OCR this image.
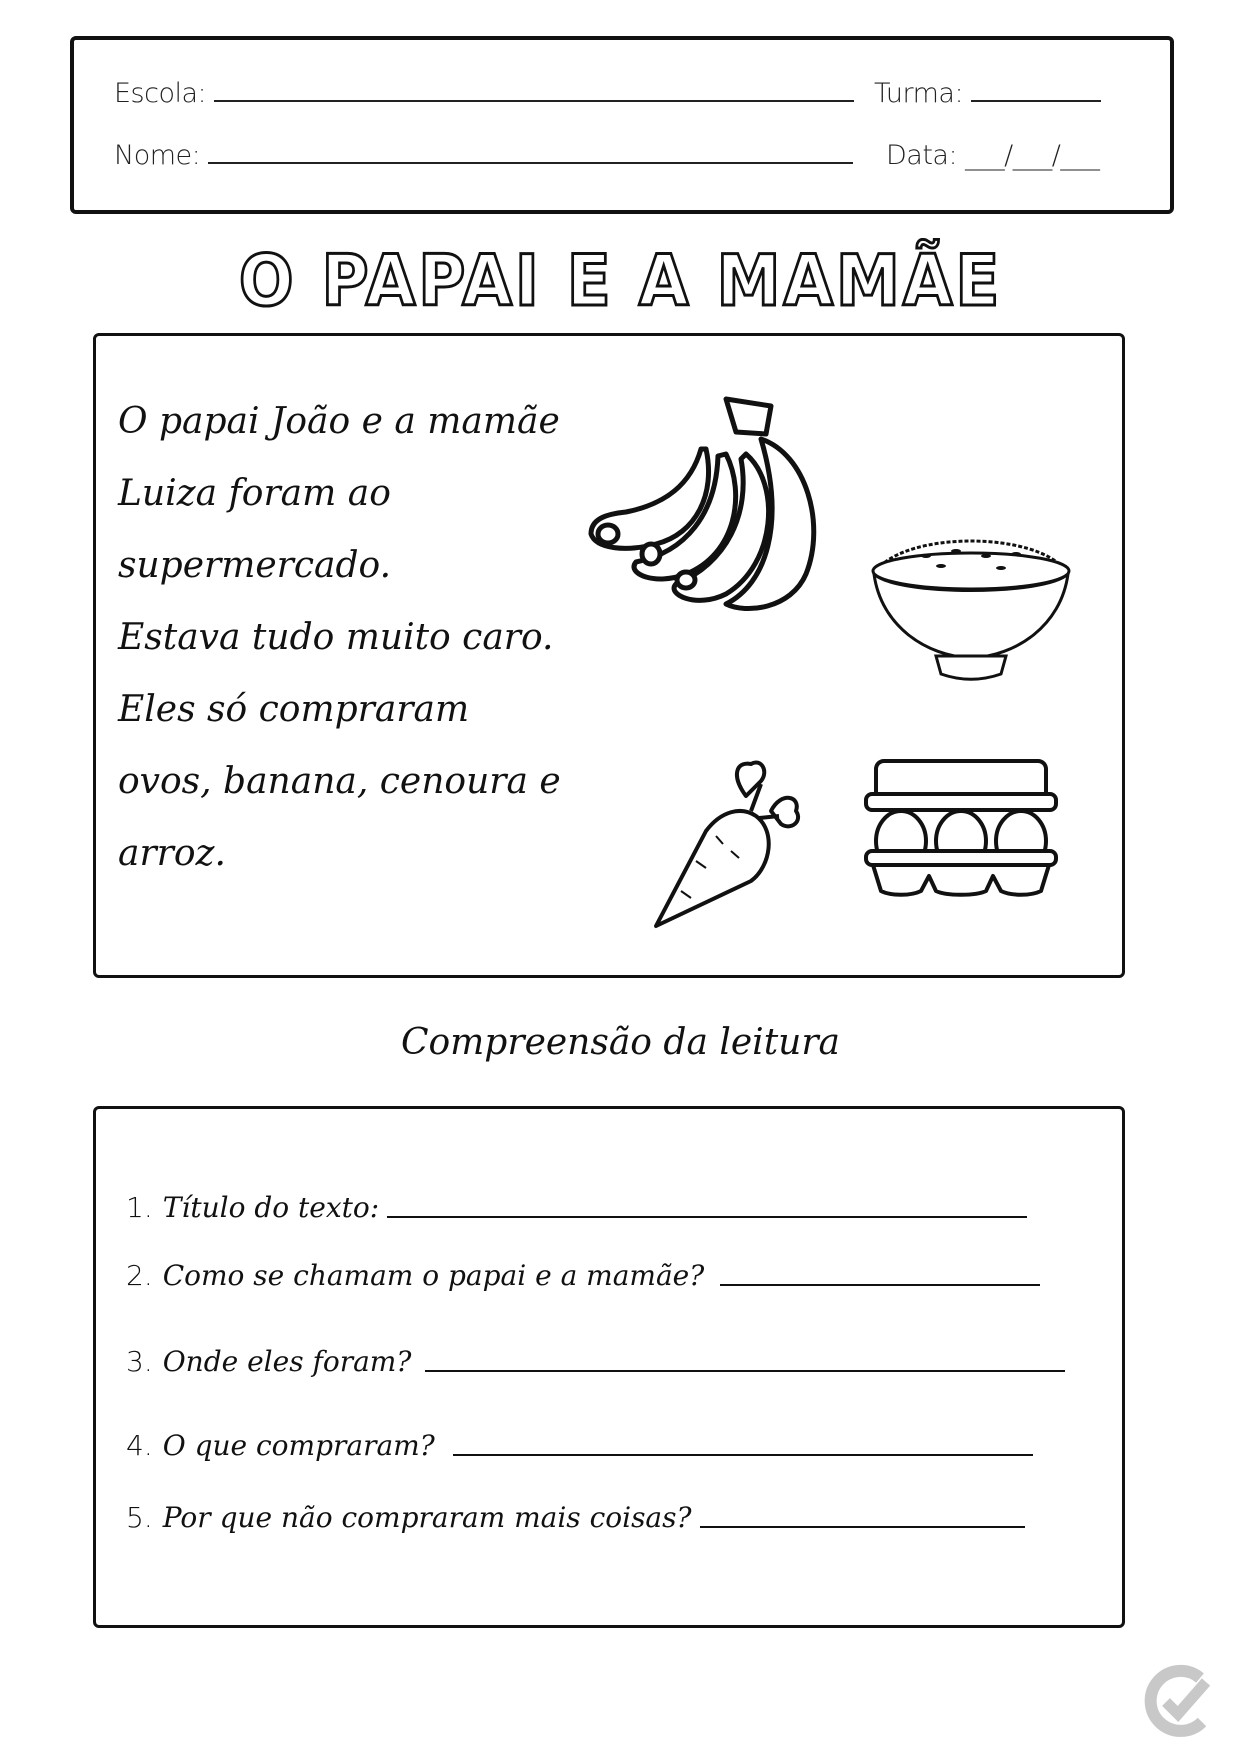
Escola:	Turma:
Nome:	Data: ___/___/___
O PAPAI E A MAMÃE
O papai João e a mamãe
Luiza foram ao
supermercado.
Estava tudo muito caro.
Eles só compraram
ovos, banana, cenoura e
arroz.
Compreensão da leitura
1. Título do texto:
2. Como se chamam o papai e a mamãe?
3. Onde eles foram?
4. O que compraram?
5. Por que não compraram mais coisas?
